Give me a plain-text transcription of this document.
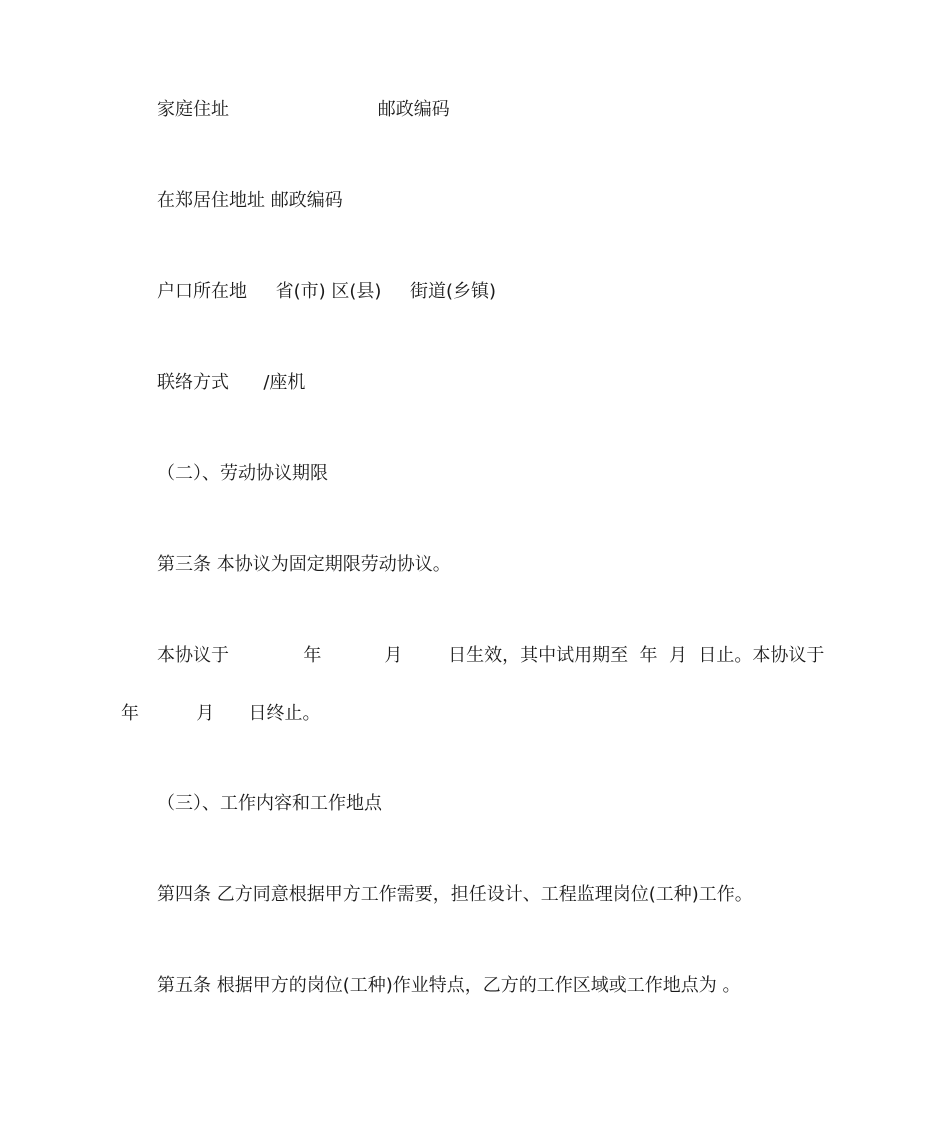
家庭住址                          邮政编码
在郑居住地址 邮政编码
户口所在地     省(市) 区(县)     街道(乡镇)
联络方式      /座机
（二）、劳动协议期限
第三条 本协议为固定期限劳动协议。
本协议于             年           月        日生效，其中试用期至  年  月  日止。本协议于
年          月      日终止。
（三）、工作内容和工作地点
第四条 乙方同意根据甲方工作需要，担任设计、工程监理岗位(工种)工作。
第五条 根据甲方的岗位(工种)作业特点，乙方的工作区域或工作地点为 。
